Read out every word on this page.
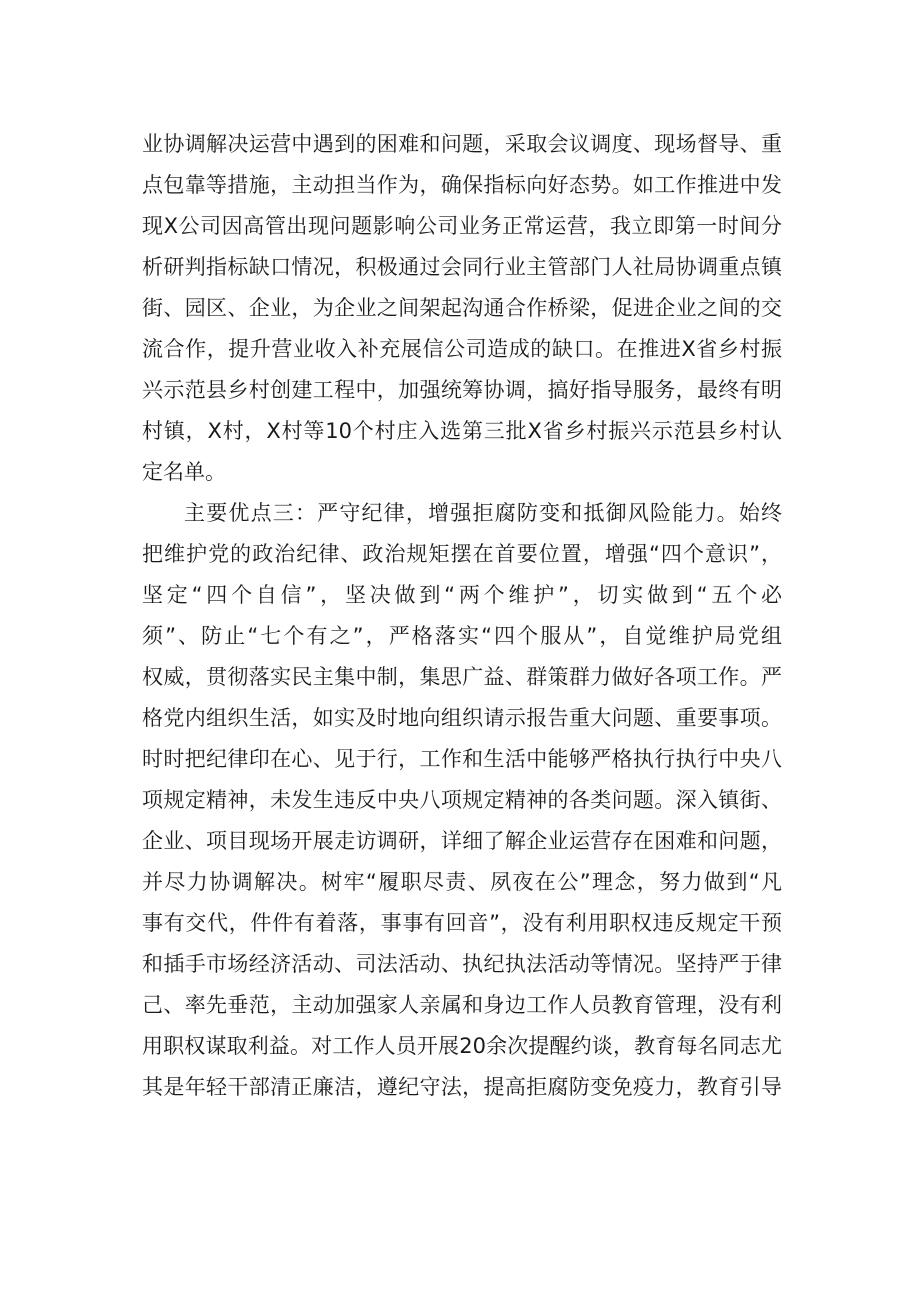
业协调解决运营中遇到的困难和问题，采取会议调度、现场督导、重
点包靠等措施，主动担当作为，确保指标向好态势。如工作推进中发
现X公司因高管出现问题影响公司业务正常运营，我立即第一时间分
析研判指标缺口情况，积极通过会同行业主管部门人社局协调重点镇
街、园区、企业，为企业之间架起沟通合作桥梁，促进企业之间的交
流合作，提升营业收入补充展信公司造成的缺口。在推进X省乡村振
兴示范县乡村创建工程中，加强统筹协调，搞好指导服务，最终有明
村镇，X村，X村等10个村庄入选第三批X省乡村振兴示范县乡村认
定名单。
主要优点三：严守纪律，增强拒腐防变和抵御风险能力。始终
把维护党的政治纪律、政治规矩摆在首要位置，增强“四个意识”，
坚定“四个自信”，坚决做到“两个维护”，切实做到“五个必
须”、防止“七个有之”，严格落实“四个服从”，自觉维护局党组
权威，贯彻落实民主集中制，集思广益、群策群力做好各项工作。严
格党内组织生活，如实及时地向组织请示报告重大问题、重要事项。
时时把纪律印在心、见于行，工作和生活中能够严格执行执行中央八
项规定精神，未发生违反中央八项规定精神的各类问题。深入镇街、
企业、项目现场开展走访调研，详细了解企业运营存在困难和问题，
并尽力协调解决。树牢“履职尽责、夙夜在公”理念，努力做到“凡
事有交代，件件有着落，事事有回音”，没有利用职权违反规定干预
和插手市场经济活动、司法活动、执纪执法活动等情况。坚持严于律
己、率先垂范，主动加强家人亲属和身边工作人员教育管理，没有利
用职权谋取利益。对工作人员开展20余次提醒约谈，教育每名同志尤
其是年轻干部清正廉洁，遵纪守法，提高拒腐防变免疫力，教育引导
